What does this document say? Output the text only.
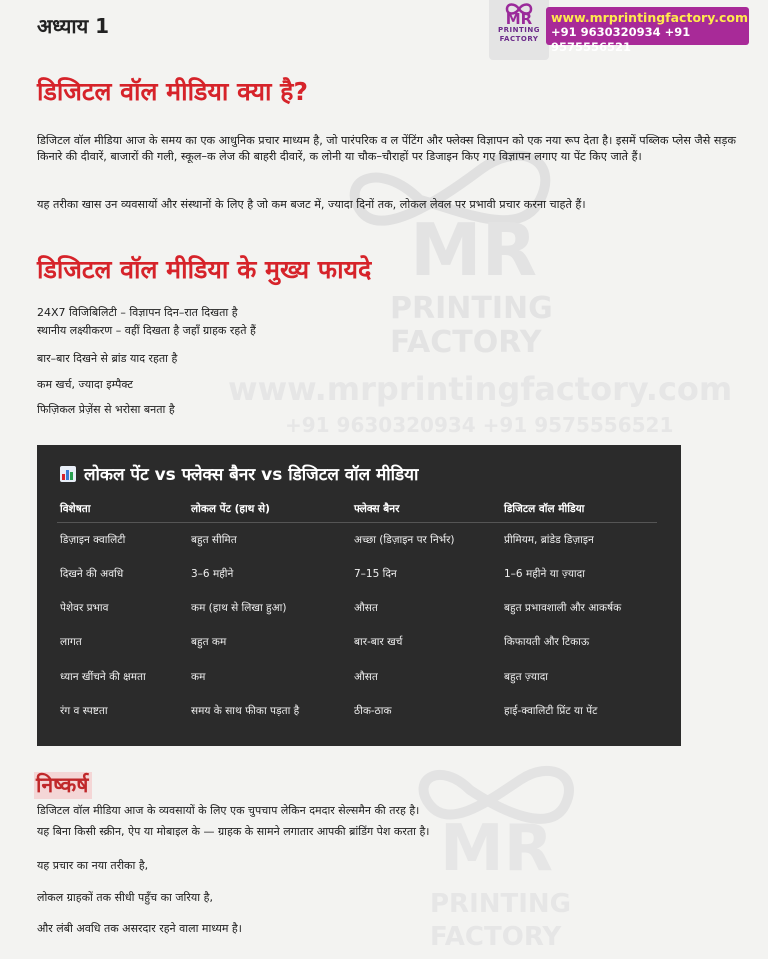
MR
PRINTING
FACTORY
www.mrprintingfactory.com
+91 9630320934 +91 9575556521
MR
PRINTING
FACTORY
अध्याय 1	MR
PRINTING
FACTORY
www.mrprintingfactory.com
+91 9630320934 +91 9575556521
डिजिटल वॉल मीडिया क्या है?

डिजिटल वॉल मीडिया आज के समय का एक आधुनिक प्रचार माध्यम है, जो पारंपरिक व ल पेंटिंग और फ्लेक्स विज्ञापन को एक नया रूप देता है। इसमें पब्लिक प्लेस जैसे सड़क किनारे की दीवारें, बाजारों की गली, स्कूल–क लेज की बाहरी दीवारें, क लोनी या चौक–चौराहों पर डिजाइन किए गए विज्ञापन लगाए या पेंट किए जाते हैं।

यह तरीका खास उन व्यवसायों और संस्थानों के लिए है जो कम बजट में, ज्यादा दिनों तक, लोकल लेवल पर प्रभावी प्रचार करना चाहते हैं।

डिजिटल वॉल मीडिया के मुख्य फायदे
24X7 विजिबिलिटी – विज्ञापन दिन–रात दिखता है
स्थानीय लक्ष्यीकरण – वहीं दिखता है जहाँ ग्राहक रहते हैं
बार–बार दिखने से ब्रांड याद रहता है
कम खर्च, ज्यादा इम्पैक्ट
फिज़िकल प्रेज़ेंस से भरोसा बनता है
लोकल पेंट vs फ्लेक्स बैनर vs डिजिटल वॉल मीडिया
विशेषता	लोकल पेंट (हाथ से)	फ्लेक्स बैनर	डिजिटल वॉल मीडिया
डिज़ाइन क्वालिटी	बहुत सीमित	अच्छा (डिज़ाइन पर निर्भर)	प्रीमियम, ब्रांडेड डिज़ाइन
दिखने की अवधि	3–6 महीने	7–15 दिन	1–6 महीने या ज़्यादा
पेशेवर प्रभाव	कम (हाथ से लिखा हुआ)	औसत	बहुत प्रभावशाली और आकर्षक
लागत	बहुत कम	बार-बार खर्च	किफायती और टिकाऊ
ध्यान खींचने की क्षमता	कम	औसत	बहुत ज़्यादा
रंग व स्पष्टता	समय के साथ फीका पड़ता है	ठीक-ठाक	हाई-क्वालिटी प्रिंट या पेंट
निष्कर्ष
डिजिटल वॉल मीडिया आज के व्यवसायों के लिए एक चुपचाप लेकिन दमदार सेल्समैन की तरह है।
यह बिना किसी स्क्रीन, ऐप या मोबाइल के — ग्राहक के सामने लगातार आपकी ब्रांडिंग पेश करता है।
यह प्रचार का नया तरीका है,
लोकल ग्राहकों तक सीधी पहुँच का जरिया है,
और लंबी अवधि तक असरदार रहने वाला माध्यम है।
